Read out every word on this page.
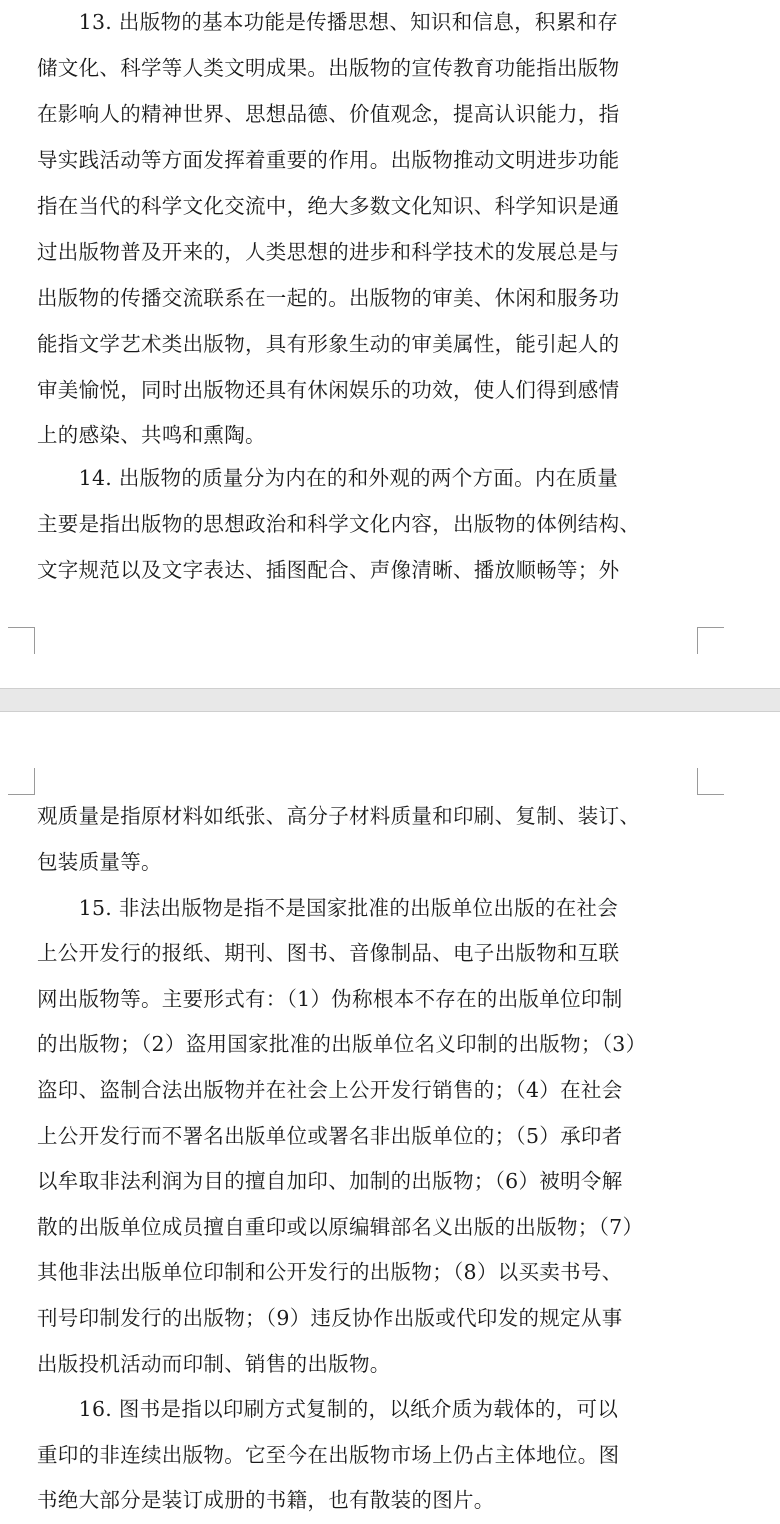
　　13. 出版物的基本功能是传播思想、知识和信息，积累和存
储文化、科学等人类文明成果。出版物的宣传教育功能指出版物
在影响人的精神世界、思想品德、价值观念，提高认识能力，指
导实践活动等方面发挥着重要的作用。出版物推动文明进步功能
指在当代的科学文化交流中，绝大多数文化知识、科学知识是通
过出版物普及开来的，人类思想的进步和科学技术的发展总是与
出版物的传播交流联系在一起的。出版物的审美、休闲和服务功
能指文学艺术类出版物，具有形象生动的审美属性，能引起人的
审美愉悦，同时出版物还具有休闲娱乐的功效，使人们得到感情
上的感染、共鸣和熏陶。
　　14. 出版物的质量分为内在的和外观的两个方面。内在质量
主要是指出版物的思想政治和科学文化内容，出版物的体例结构、
文字规范以及文字表达、插图配合、声像清晰、播放顺畅等；外
观质量是指原材料如纸张、高分子材料质量和印刷、复制、装订、
包装质量等。
　　15. 非法出版物是指不是国家批准的出版单位出版的在社会
上公开发行的报纸、期刊、图书、音像制品、电子出版物和互联
网出版物等。主要形式有：（1）伪称根本不存在的出版单位印制
的出版物；（2）盗用国家批准的出版单位名义印制的出版物；（3）
盗印、盗制合法出版物并在社会上公开发行销售的；（4）在社会
上公开发行而不署名出版单位或署名非出版单位的；（5）承印者
以牟取非法利润为目的擅自加印、加制的出版物；（6）被明令解
散的出版单位成员擅自重印或以原编辑部名义出版的出版物；（7）
其他非法出版单位印制和公开发行的出版物；（8）以买卖书号、
刊号印制发行的出版物；（9）违反协作出版或代印发的规定从事
出版投机活动而印制、销售的出版物。
　　16. 图书是指以印刷方式复制的，以纸介质为载体的，可以
重印的非连续出版物。它至今在出版物市场上仍占主体地位。图
书绝大部分是装订成册的书籍，也有散装的图片。
